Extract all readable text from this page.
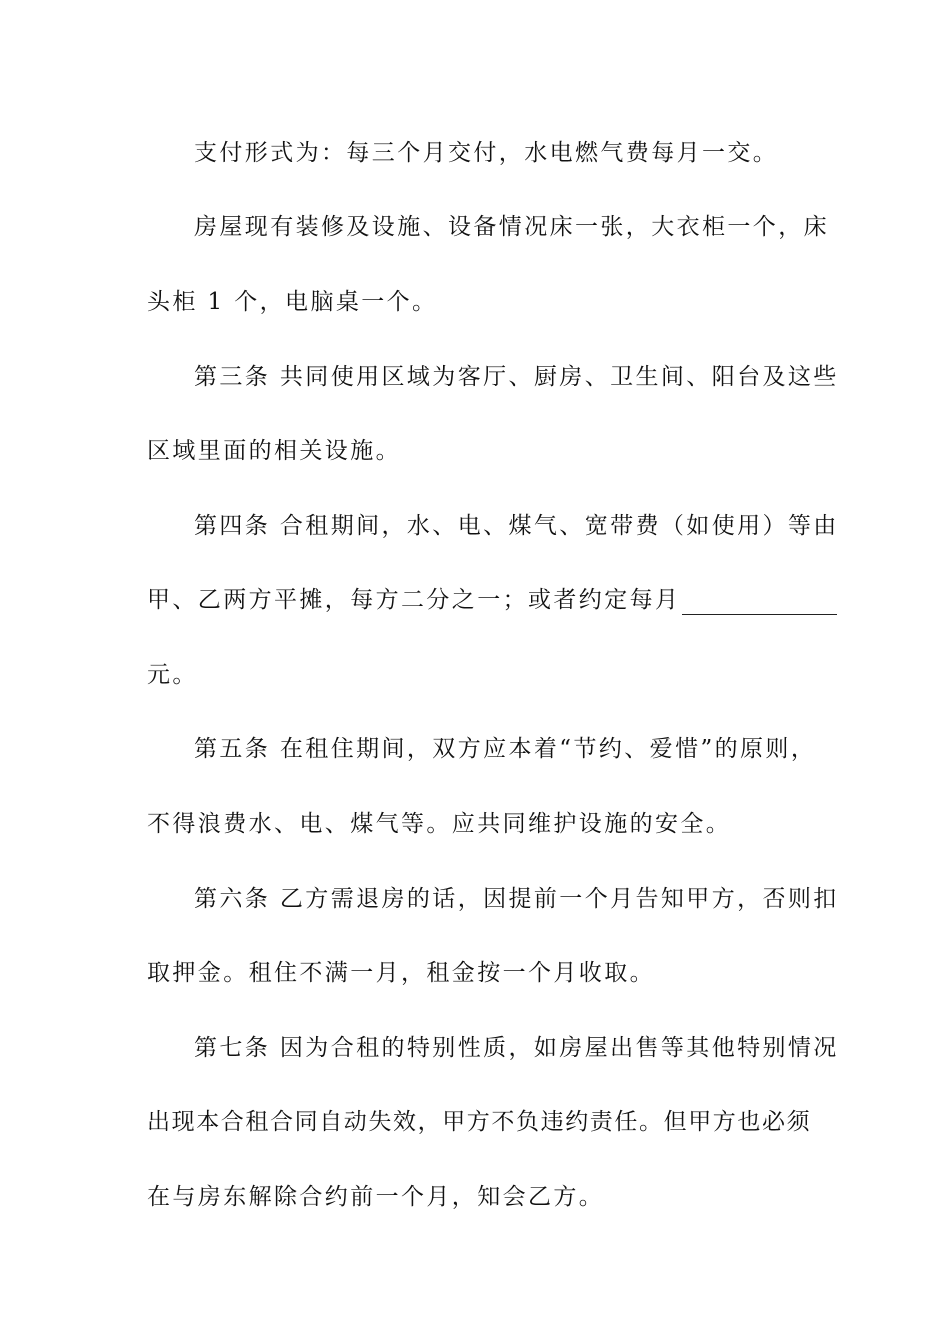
支付形式为：每三个月交付，水电燃气费每月一交。
房屋现有装修及设施、设备情况床一张，大衣柜一个，床
头柜 1 个，电脑桌一个。
第三条 共同使用区域为客厅、厨房、卫生间、阳台及这些
区域里面的相关设施。
第四条 合租期间，水、电、煤气、宽带费（如使用）等由
甲、乙两方平摊，每方二分之一；或者约定每月
元。
第五条 在租住期间，双方应本着“节约、爱惜”的原则，
不得浪费水、电、煤气等。应共同维护设施的安全。
第六条 乙方需退房的话，因提前一个月告知甲方，否则扣
取押金。租住不满一月，租金按一个月收取。
第七条 因为合租的特别性质，如房屋出售等其他特别情况
出现本合租合同自动失效，甲方不负违约责任。但甲方也必须
在与房东解除合约前一个月，知会乙方。
